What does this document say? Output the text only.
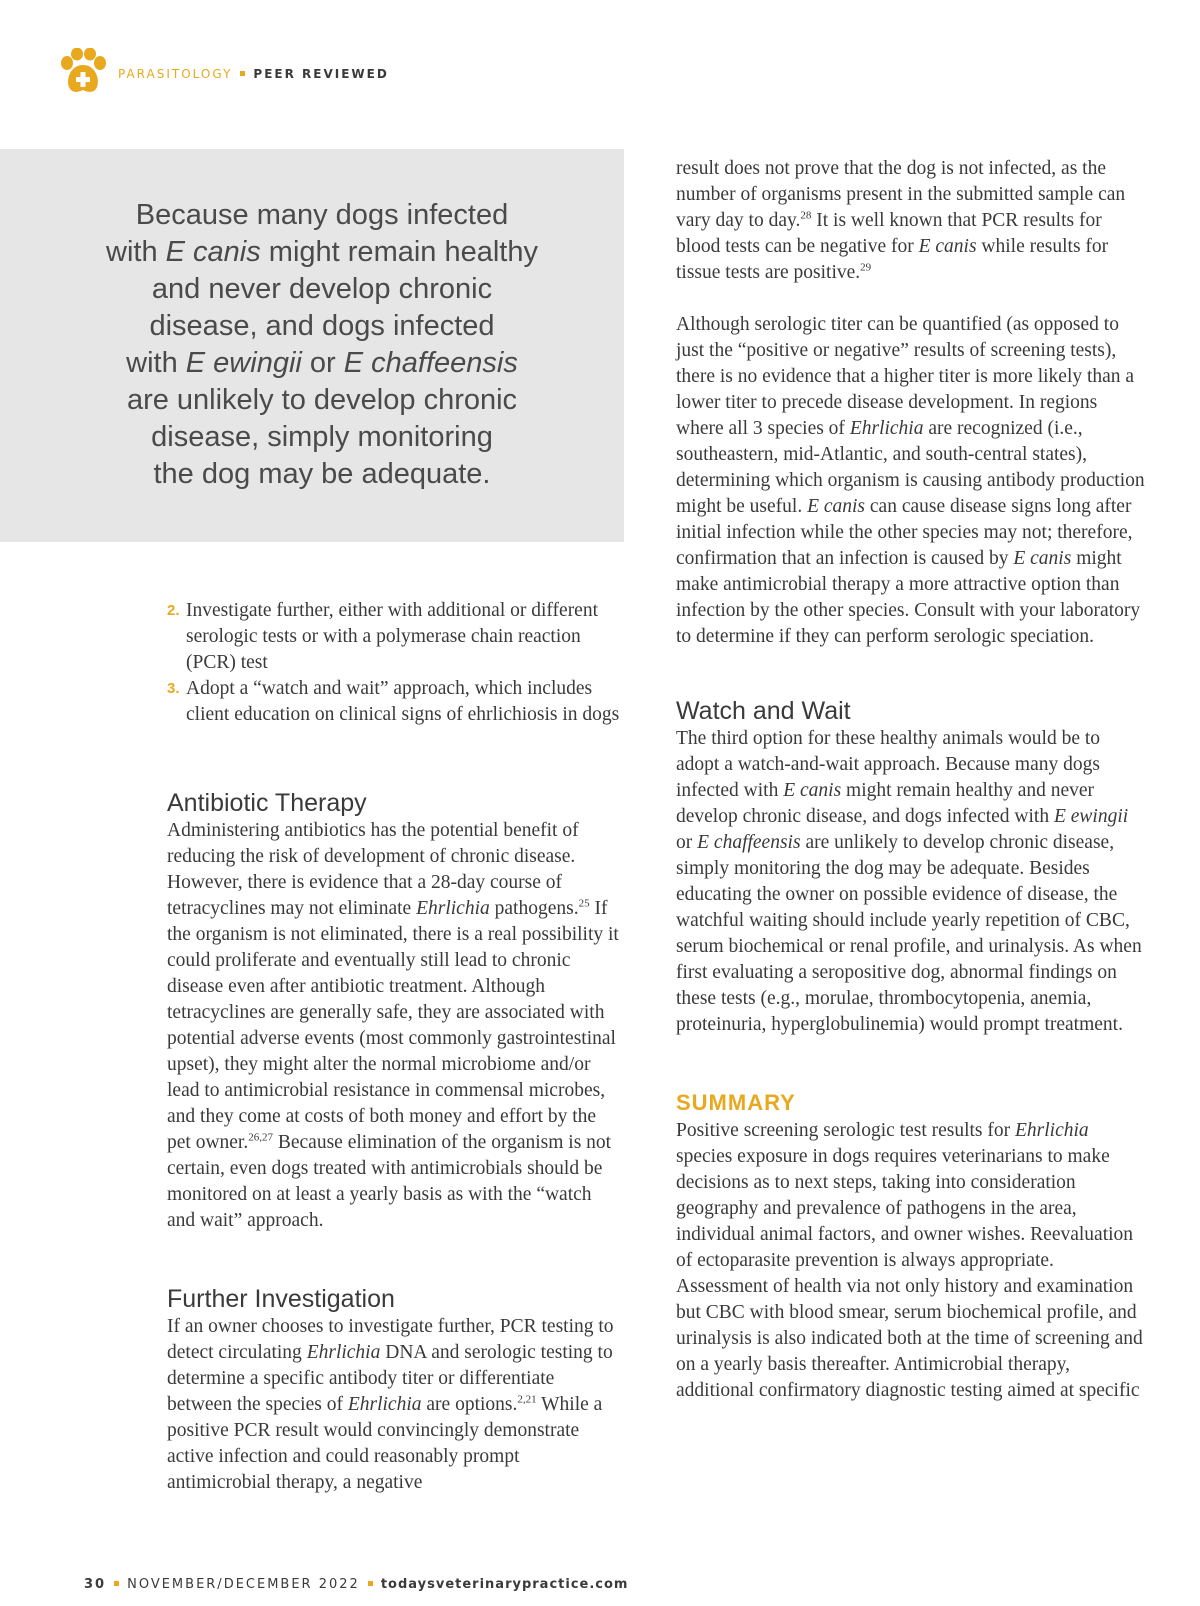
PARASITOLOGY PEER REVIEWED
Because many dogs infected
with E canis might remain healthy
and never develop chronic
disease, and dogs infected
with E ewingii or E chaffeensis
are unlikely to develop chronic
disease, simply monitoring
the dog may be adequate.
2. Investigate further, either with additional or different serologic tests or with a polymerase chain reaction (PCR) test
3. Adopt a “watch and wait” approach, which includes client education on clinical signs of ehrlichiosis in dogs
Antibiotic Therapy

Administering antibiotics has the potential benefit of reducing the risk of development of chronic disease. However, there is evidence that a 28-day course of tetracyclines may not eliminate Ehrlichia pathogens.$^{25}$ If the organism is not eliminated, there is a real possibility it could proliferate and eventually still lead to chronic disease even after antibiotic treatment. Although tetracyclines are generally safe, they are associated with potential adverse events (most commonly gastrointestinal upset), they might alter the normal microbiome and/or lead to antimicrobial resistance in commensal microbes, and they come at costs of both money and effort by the pet owner.$^{26,27}$ Because elimination of the organism is not certain, even dogs treated with antimicrobials should be monitored on at least a yearly basis as with the “watch and wait” approach.

Further Investigation

If an owner chooses to investigate further, PCR testing to detect circulating Ehrlichia DNA and serologic testing to determine a specific antibody titer or differentiate between the species of Ehrlichia are options.$^{2,21}$ While a positive PCR result would convincingly demonstrate active infection and could reasonably prompt antimicrobial therapy, a negative

result does not prove that the dog is not infected, as the number of organisms present in the submitted sample can vary day to day.$^{28}$ It is well known that PCR results for blood tests can be negative for E canis while results for tissue tests are positive.$^{29}$

Although serologic titer can be quantified (as opposed to just the “positive or negative” results of screening tests), there is no evidence that a higher titer is more likely than a lower titer to precede disease development. In regions where all 3 species of Ehrlichia are recognized (i.e., southeastern, mid-Atlantic, and south-central states), determining which organism is causing antibody production might be useful. E canis can cause disease signs long after initial infection while the other species may not; therefore, confirmation that an infection is caused by E canis might make antimicrobial therapy a more attractive option than infection by the other species. Consult with your laboratory to determine if they can perform serologic speciation.

Watch and Wait

The third option for these healthy animals would be to adopt a watch-and-wait approach. Because many dogs infected with E canis might remain healthy and never develop chronic disease, and dogs infected with E ewingii or E chaffeensis are unlikely to develop chronic disease, simply monitoring the dog may be adequate. Besides educating the owner on possible evidence of disease, the watchful waiting should include yearly repetition of CBC, serum biochemical or renal profile, and urinalysis. As when first evaluating a seropositive dog, abnormal findings on these tests (e.g., morulae, thrombocytopenia, anemia, proteinuria, hyperglobulinemia) would prompt treatment.

SUMMARY

Positive screening serologic test results for Ehrlichia species exposure in dogs requires veterinarians to make decisions as to next steps, taking into consideration geography and prevalence of pathogens in the area, individual animal factors, and owner wishes. Reevaluation of ectoparasite prevention is always appropriate. Assessment of health via not only history and examination but CBC with blood smear, serum biochemical profile, and urinalysis is also indicated both at the time of screening and on a yearly basis thereafter. Antimicrobial therapy, additional confirmatory diagnostic testing aimed at specific

30 NOVEMBER/DECEMBER 2022 todaysveterinarypractice.com
